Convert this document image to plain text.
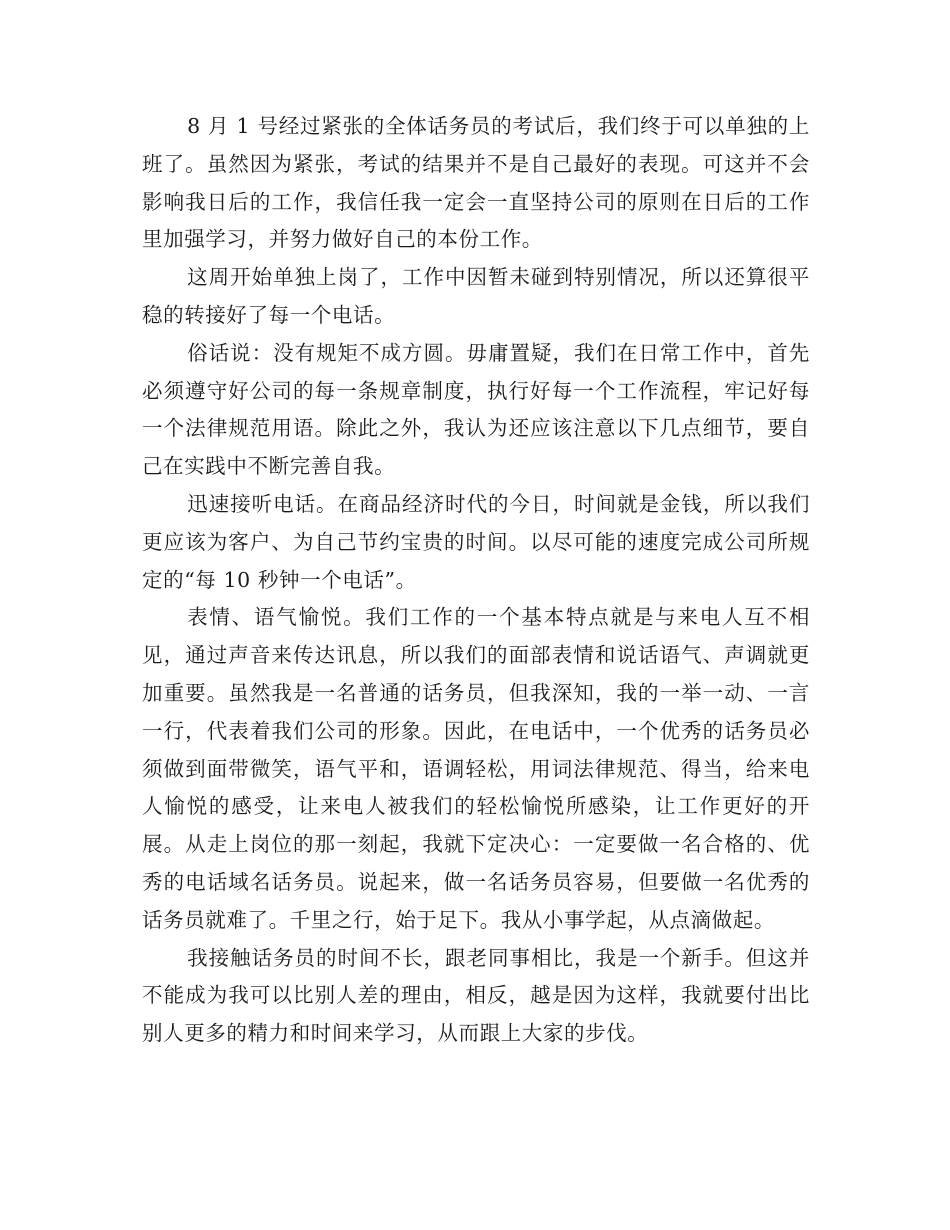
8 月 1 号经过紧张的全体话务员的考试后，我们终于可以单独的上班了。虽然因为紧张，考试的结果并不是自己最好的表现。可这并不会影响我日后的工作，我信任我一定会一直坚持公司的原则在日后的工作里加强学习，并努力做好自己的本份工作。

这周开始单独上岗了，工作中因暂未碰到特别情况，所以还算很平稳的转接好了每一个电话。

俗话说：没有规矩不成方圆。毋庸置疑，我们在日常工作中，首先必须遵守好公司的每一条规章制度，执行好每一个工作流程，牢记好每一个法律规范用语。除此之外，我认为还应该注意以下几点细节，要自己在实践中不断完善自我。

迅速接听电话。在商品经济时代的今日，时间就是金钱，所以我们更应该为客户、为自己节约宝贵的时间。以尽可能的速度完成公司所规定的“每 10 秒钟一个电话”。

表情、语气愉悦。我们工作的一个基本特点就是与来电人互不相见，通过声音来传达讯息，所以我们的面部表情和说话语气、声调就更加重要。虽然我是一名普通的话务员，但我深知，我的一举一动、一言一行，代表着我们公司的形象。因此，在电话中，一个优秀的话务员必须做到面带微笑，语气平和，语调轻松，用词法律规范、得当，给来电人愉悦的感受，让来电人被我们的轻松愉悦所感染，让工作更好的开展。从走上岗位的那一刻起，我就下定决心：一定要做一名合格的、优秀的电话域名话务员。说起来，做一名话务员容易，但要做一名优秀的话务员就难了。千里之行，始于足下。我从小事学起，从点滴做起。

我接触话务员的时间不长，跟老同事相比，我是一个新手。但这并不能成为我可以比别人差的理由，相反，越是因为这样，我就要付出比别人更多的精力和时间来学习，从而跟上大家的步伐。
